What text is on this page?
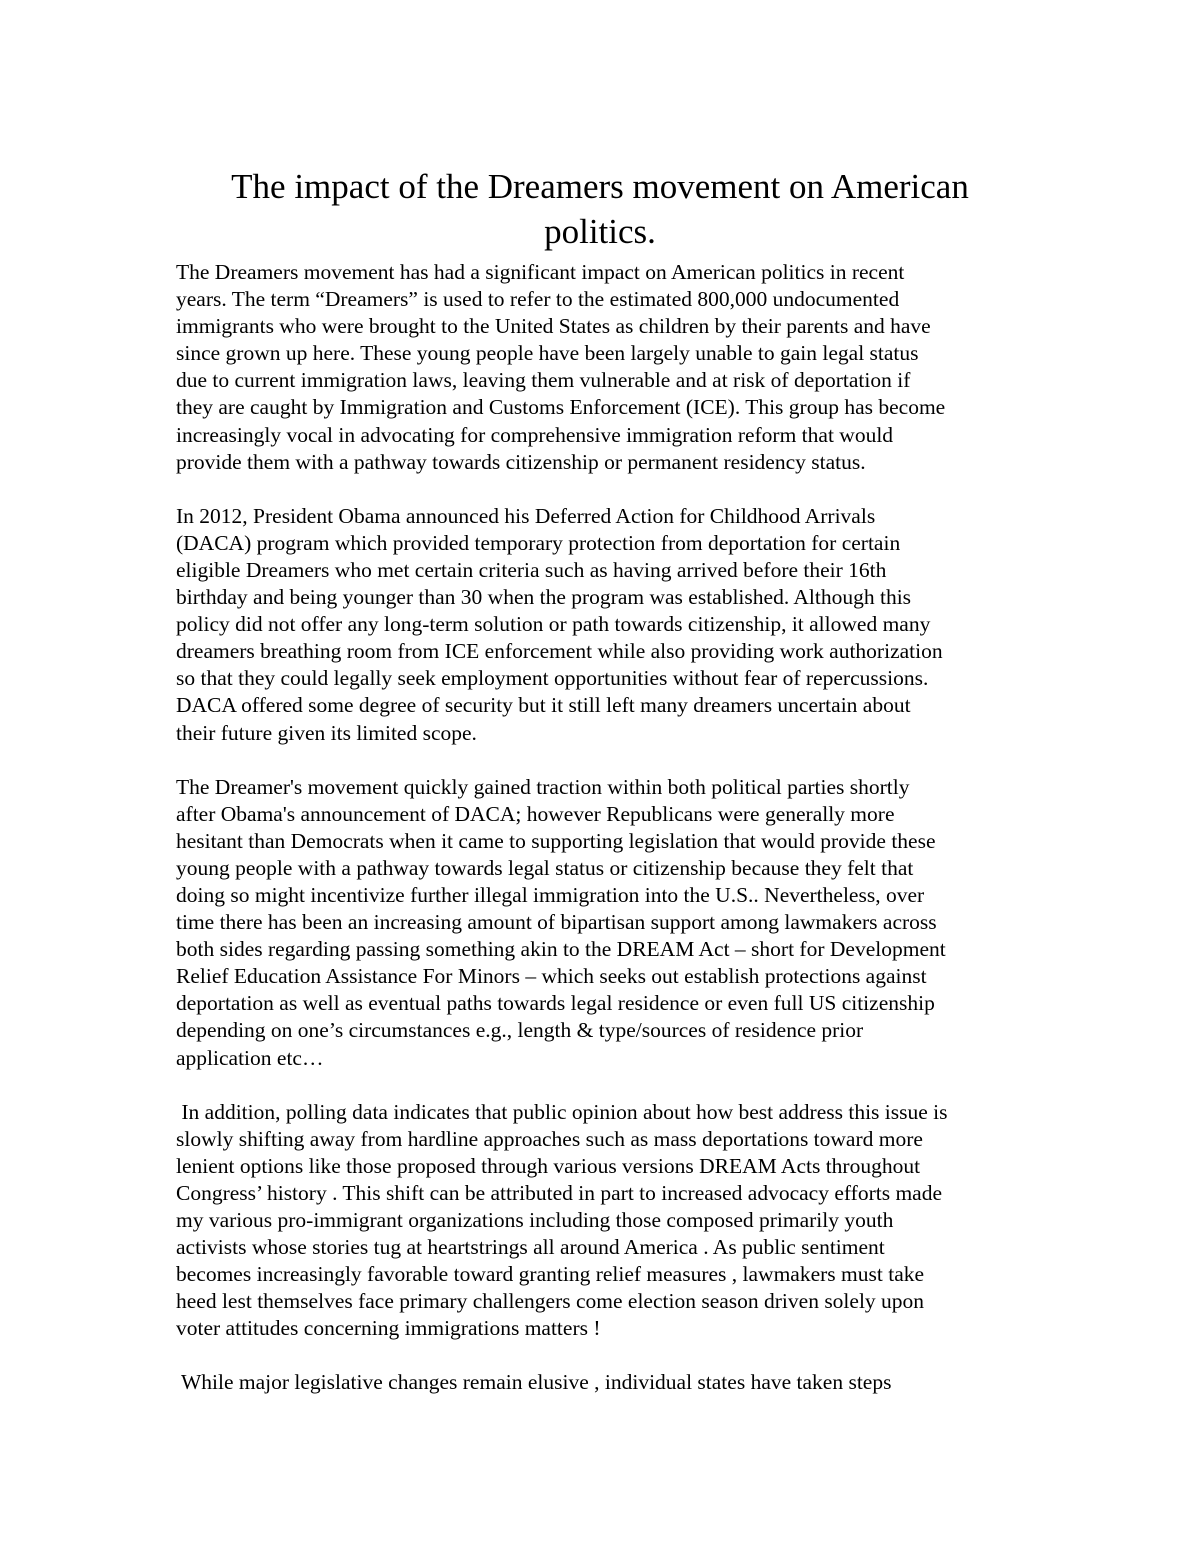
The impact of the Dreamers movement on American
politics.

The Dreamers movement has had a significant impact on American politics in recent
years. The term “Dreamers” is used to refer to the estimated 800,000 undocumented
immigrants who were brought to the United States as children by their parents and have
since grown up here. These young people have been largely unable to gain legal status
due to current immigration laws, leaving them vulnerable and at risk of deportation if
they are caught by Immigration and Customs Enforcement (ICE). This group has become
increasingly vocal in advocating for comprehensive immigration reform that would
provide them with a pathway towards citizenship or permanent residency status.

In 2012, President Obama announced his Deferred Action for Childhood Arrivals
(DACA) program which provided temporary protection from deportation for certain
eligible Dreamers who met certain criteria such as having arrived before their 16th
birthday and being younger than 30 when the program was established. Although this
policy did not offer any long-term solution or path towards citizenship, it allowed many
dreamers breathing room from ICE enforcement while also providing work authorization
so that they could legally seek employment opportunities without fear of repercussions.
DACA offered some degree of security but it still left many dreamers uncertain about
their future given its limited scope.

The Dreamer's movement quickly gained traction within both political parties shortly
after Obama's announcement of DACA; however Republicans were generally more
hesitant than Democrats when it came to supporting legislation that would provide these
young people with a pathway towards legal status or citizenship because they felt that
doing so might incentivize further illegal immigration into the U.S.. Nevertheless, over
time there has been an increasing amount of bipartisan support among lawmakers across
both sides regarding passing something akin to the DREAM Act – short for Development
Relief Education Assistance For Minors – which seeks out establish protections against
deportation as well as eventual paths towards legal residence or even full US citizenship
depending on one’s circumstances e.g., length & type/sources of residence prior
application etc…

In addition, polling data indicates that public opinion about how best address this issue is
slowly shifting away from hardline approaches such as mass deportations toward more
lenient options like those proposed through various versions DREAM Acts throughout
Congress’ history . This shift can be attributed in part to increased advocacy efforts made
my various pro-immigrant organizations including those composed primarily youth
activists whose stories tug at heartstrings all around America . As public sentiment
becomes increasingly favorable toward granting relief measures , lawmakers must take
heed lest themselves face primary challengers come election season driven solely upon
voter attitudes concerning immigrations matters !

While major legislative changes remain elusive , individual states have taken steps
